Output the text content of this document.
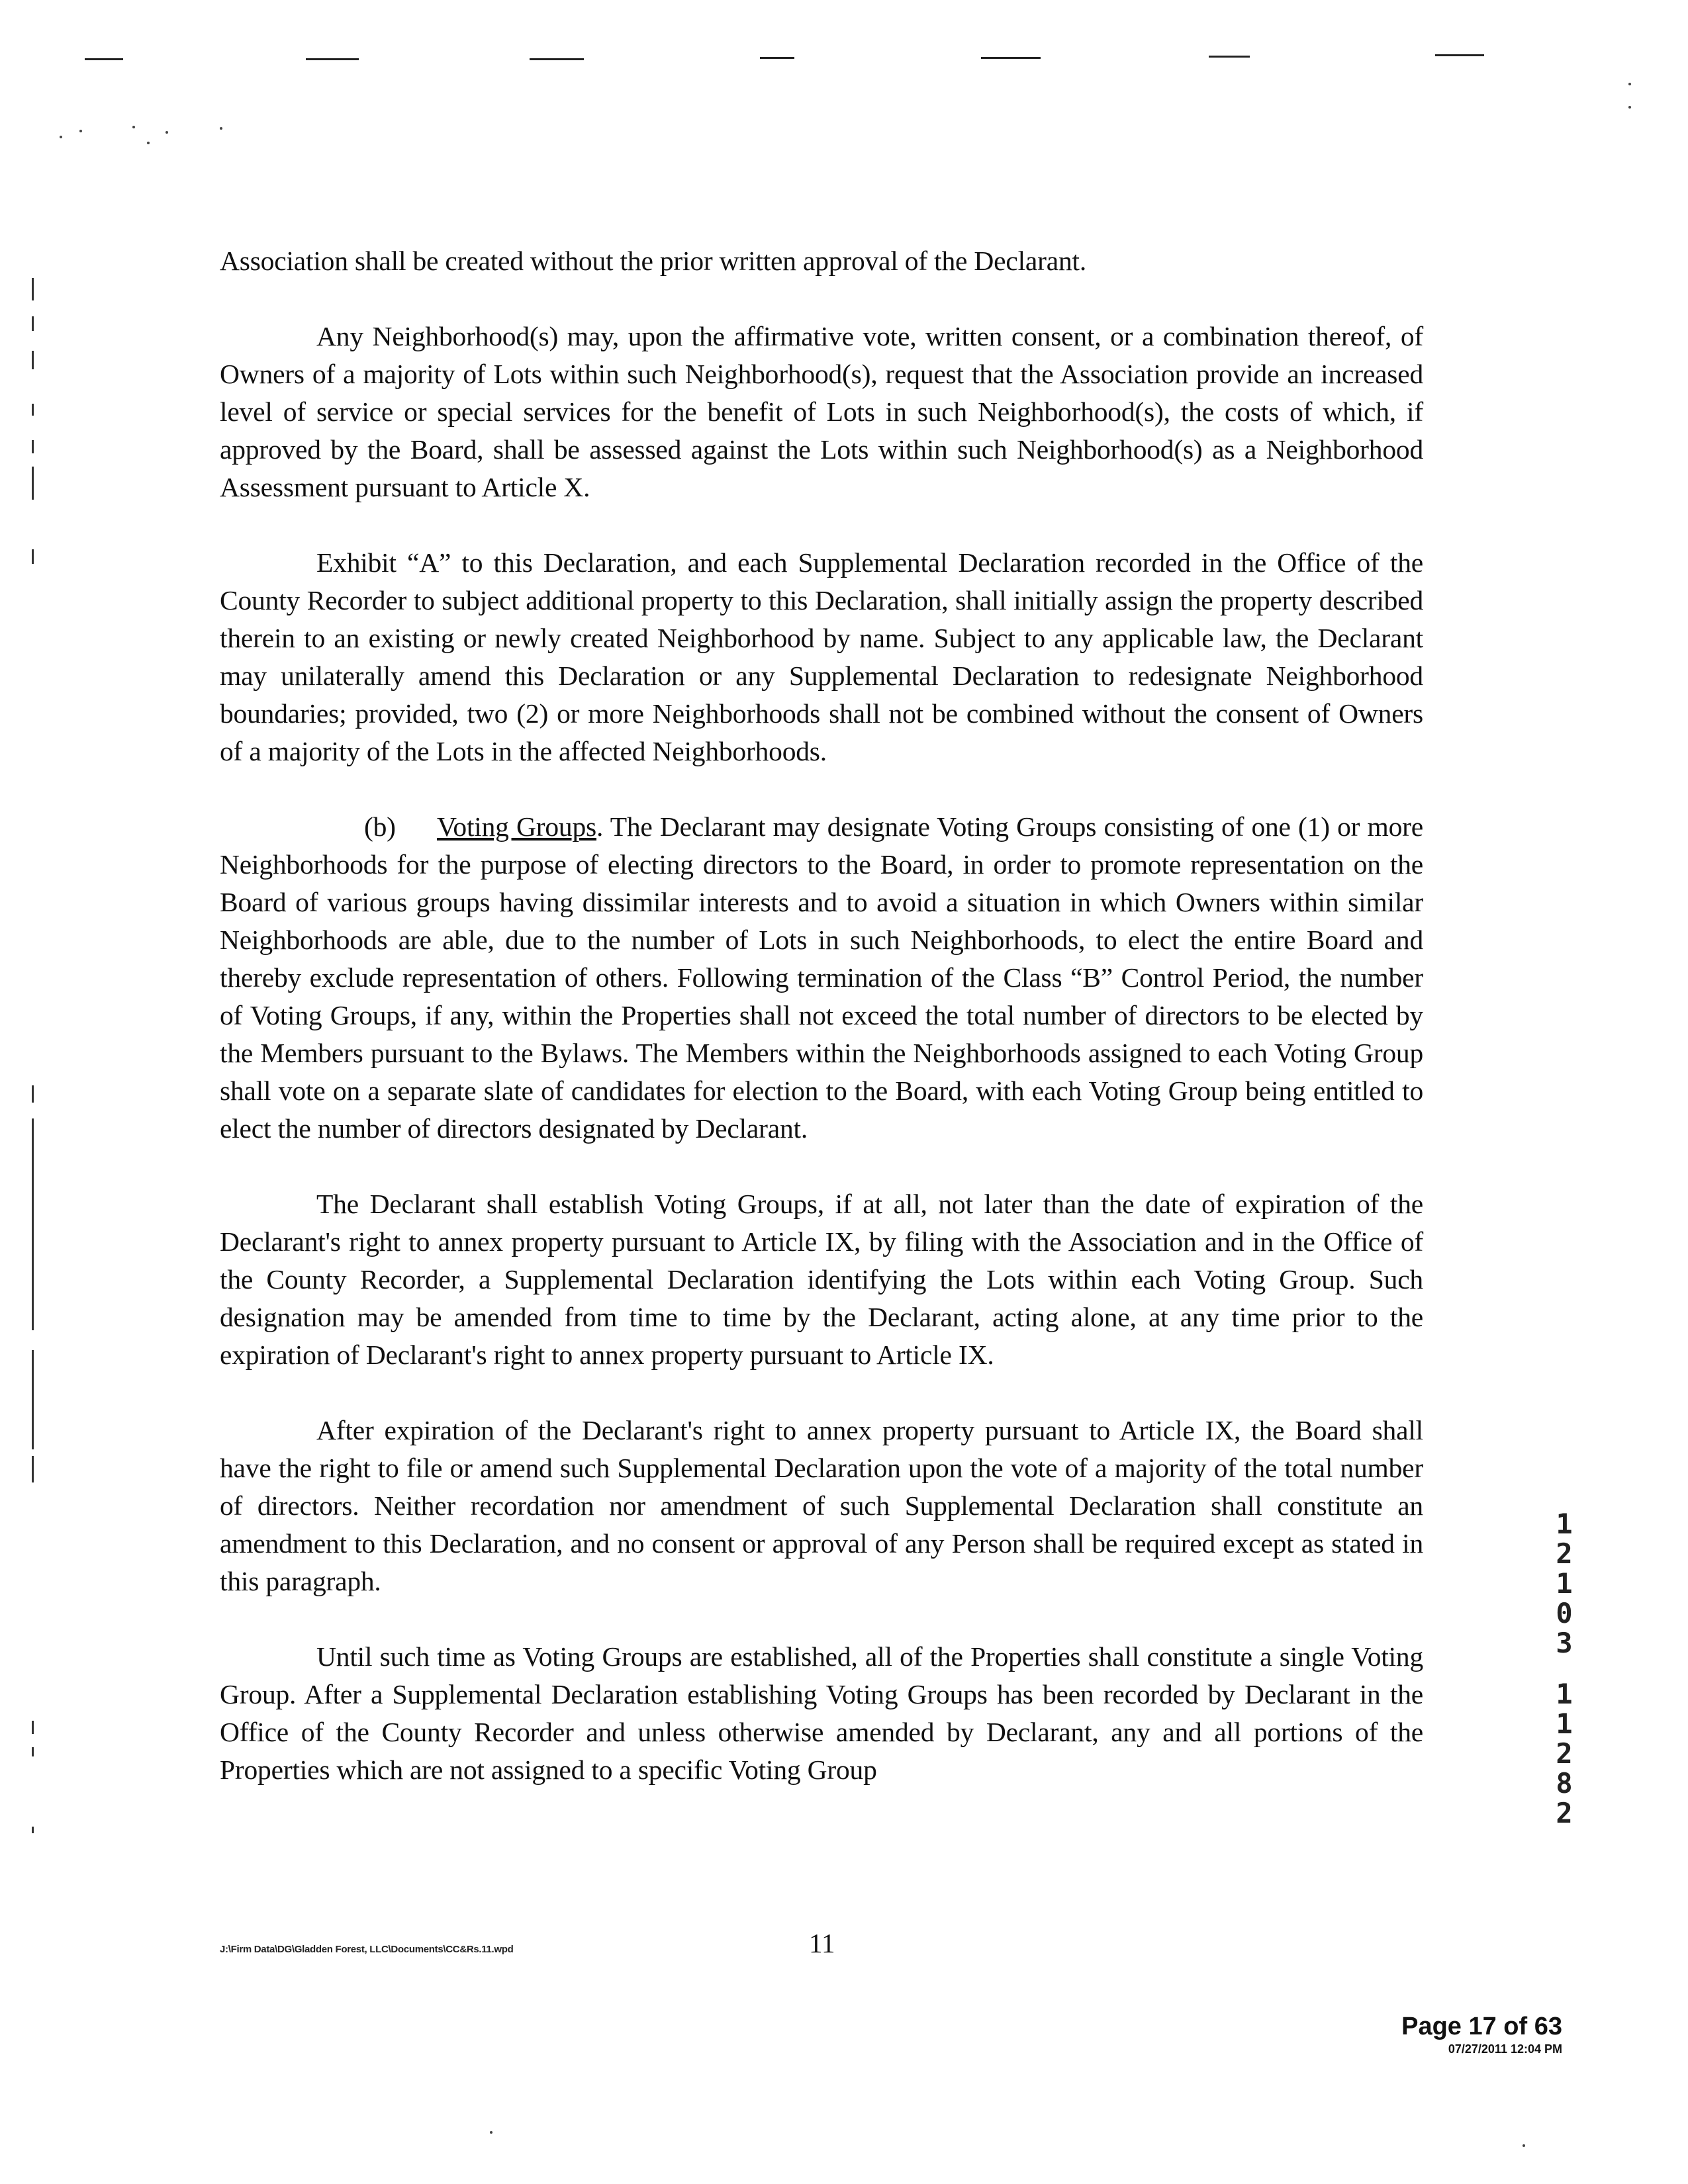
Association shall be created without the prior written approval of the Declarant.

Any Neighborhood(s) may, upon the affirmative vote, written consent, or a combination thereof, of Owners of a majority of Lots within such Neighborhood(s), request that the Association provide an increased level of service or special services for the benefit of Lots in such Neighborhood(s), the costs of which, if approved by the Board, shall be assessed against the Lots within such Neighborhood(s) as a Neighborhood Assessment pursuant to Article X.

Exhibit “A” to this Declaration, and each Supplemental Declaration recorded in the Office of the County Recorder to subject additional property to this Declaration, shall initially assign the property described therein to an existing or newly created Neighborhood by name. Subject to any applicable law, the Declarant may unilaterally amend this Declaration or any Supplemental Declaration to redesignate Neighborhood boundaries; provided, two (2) or more Neighborhoods shall not be combined without the consent of Owners of a majority of the Lots in the affected Neighborhoods.

(b) Voting Groups. The Declarant may designate Voting Groups consisting of one (1) or more Neighborhoods for the purpose of electing directors to the Board, in order to promote representation on the Board of various groups having dissimilar interests and to avoid a situation in which Owners within similar Neighborhoods are able, due to the number of Lots in such Neighborhoods, to elect the entire Board and thereby exclude representation of others. Following termination of the Class “B” Control Period, the number of Voting Groups, if any, within the Properties shall not exceed the total number of directors to be elected by the Members pursuant to the Bylaws. The Members within the Neighborhoods assigned to each Voting Group shall vote on a separate slate of candidates for election to the Board, with each Voting Group being entitled to elect the number of directors designated by Declarant.

The Declarant shall establish Voting Groups, if at all, not later than the date of expiration of the Declarant's right to annex property pursuant to Article IX, by filing with the Association and in the Office of the County Recorder, a Supplemental Declaration identifying the Lots within each Voting Group. Such designation may be amended from time to time by the Declarant, acting alone, at any time prior to the expiration of Declarant's right to annex property pursuant to Article IX.

After expiration of the Declarant's right to annex property pursuant to Article IX, the Board shall have the right to file or amend such Supplemental Declaration upon the vote of a majority of the total number of directors. Neither recordation nor amendment of such Supplemental Declaration shall constitute an amendment to this Declaration, and no consent or approval of any Person shall be required except as stated in this paragraph.

Until such time as Voting Groups are established, all of the Properties shall constitute a single Voting Group. After a Supplemental Declaration establishing Voting Groups has been recorded by Declarant in the Office of the County Recorder and unless otherwise amended by Declarant, any and all portions of the Properties which are not assigned to a specific Voting Group

J:\Firm Data\DG\Gladden Forest, LLC\Documents\CC&Rs.11.wpd	11
1
2
1
0
3
1
1
2
8
2
Page 17 of 63
07/27/2011 12:04 PM
